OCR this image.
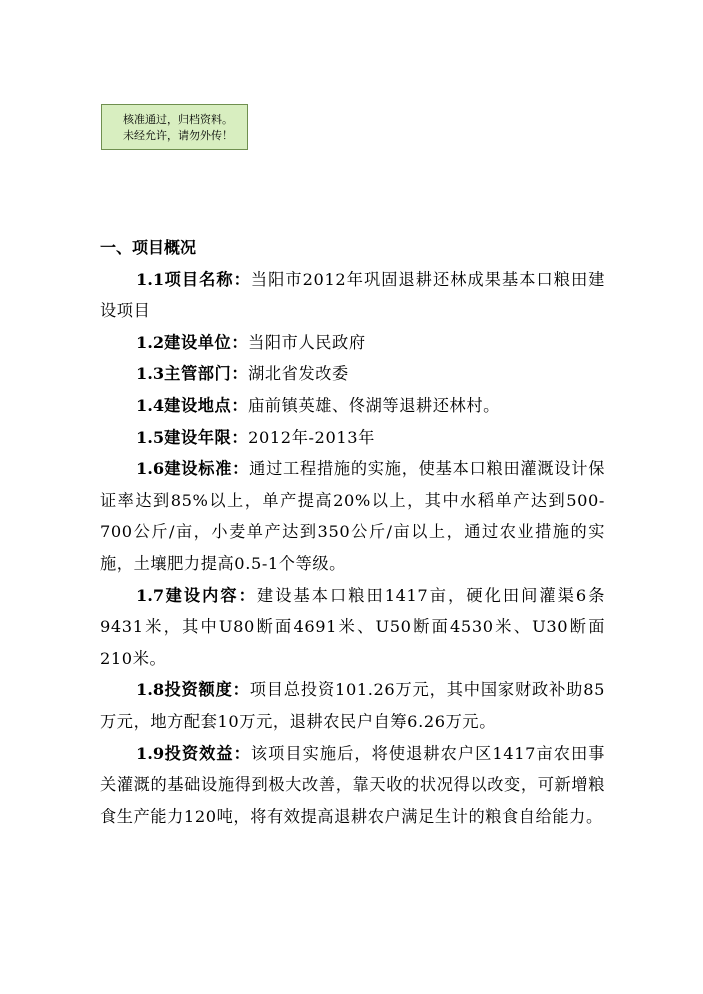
核准通过，归档资料。
未经允许，请勿外传！
一、项目概况
1.1项目名称：当阳市2012年巩固退耕还林成果基本口粮田建设项目
1.2建设单位：当阳市人民政府
1.3主管部门：湖北省发改委
1.4建设地点：庙前镇英雄、佟湖等退耕还林村。
1.5建设年限：2012年-2013年
1.6建设标准：通过工程措施的实施，使基本口粮田灌溉设计保证率达到85%以上，单产提高20%以上，其中水稻单产达到500-700公斤/亩，小麦单产达到350公斤/亩以上，通过农业措施的实施，土壤肥力提高0.5-1个等级。
1.7建设内容：建设基本口粮田1417亩，硬化田间灌渠6条9431米，其中U80断面4691米、U50断面4530米、U30断面210米。
1.8投资额度：项目总投资101.26万元，其中国家财政补助85万元，地方配套10万元，退耕农民户自筹6.26万元。
1.9投资效益：该项目实施后，将使退耕农户区1417亩农田事关灌溉的基础设施得到极大改善，靠天收的状况得以改变，可新增粮食生产能力120吨，将有效提高退耕农户满足生计的粮食自给能力。
